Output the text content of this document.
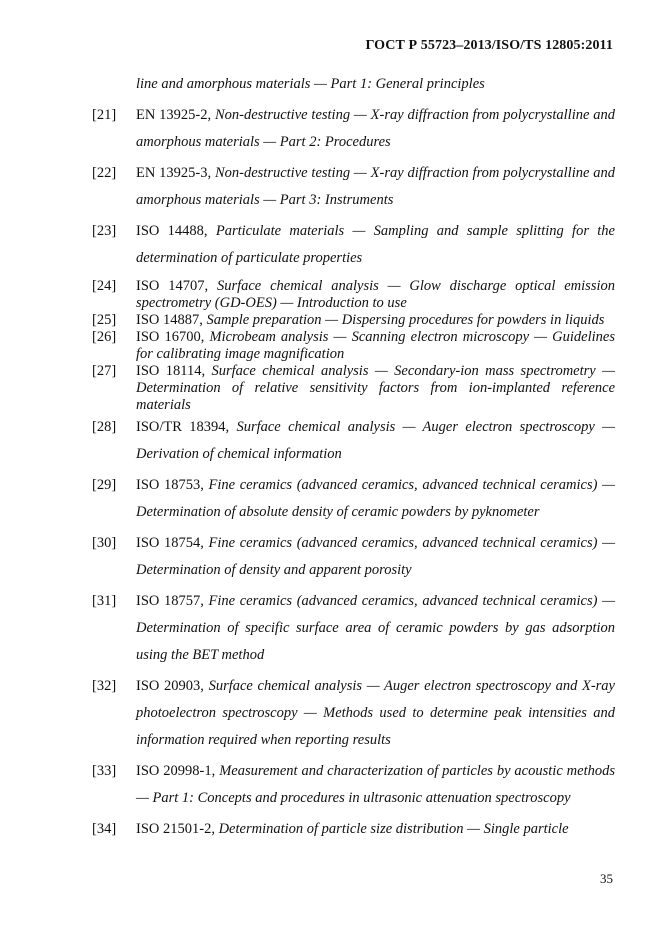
ГОСТ Р 55723–2013/ISO/TS 12805:2011
line and amorphous materials — Part 1: General principles
[21]	EN 13925-2, Non-destructive testing — X-ray diffraction from polycrystalline and amorphous materials — Part 2: Procedures
[22]	EN 13925-3, Non-destructive testing — X-ray diffraction from polycrystalline and amorphous materials — Part 3: Instruments
[23]	ISO 14488, Particulate materials — Sampling and sample splitting for the determination of particulate properties
[24]	ISO 14707, Surface chemical analysis — Glow discharge optical emission spectrometry (GD-OES) — Introduction to use
[25]	ISO 14887, Sample preparation — Dispersing procedures for powders in liquids
[26]	ISO 16700, Microbeam analysis — Scanning electron microscopy — Guidelines for calibrating image magnification
[27]	ISO 18114, Surface chemical analysis — Secondary-ion mass spectrometry — Determination of relative sensitivity factors from ion-implanted reference materials
[28]	ISO/TR 18394, Surface chemical analysis — Auger electron spectroscopy — Derivation of chemical information
[29]	ISO 18753, Fine ceramics (advanced ceramics, advanced technical ceramics) — Determination of absolute density of ceramic powders by pyknometer
[30]	ISO 18754, Fine ceramics (advanced ceramics, advanced technical ceramics) — Determination of density and apparent porosity
[31]	ISO 18757, Fine ceramics (advanced ceramics, advanced technical ceramics) — Determination of specific surface area of ceramic powders by gas adsorption using the BET method
[32]	ISO 20903, Surface chemical analysis — Auger electron spectroscopy and X-ray photoelectron spectroscopy — Methods used to determine peak intensities and information required when reporting results
[33]	ISO 20998-1, Measurement and characterization of particles by acoustic methods — Part 1: Concepts and procedures in ultrasonic attenuation spectroscopy
[34]	ISO 21501-2, Determination of particle size distribution — Single particle
35
